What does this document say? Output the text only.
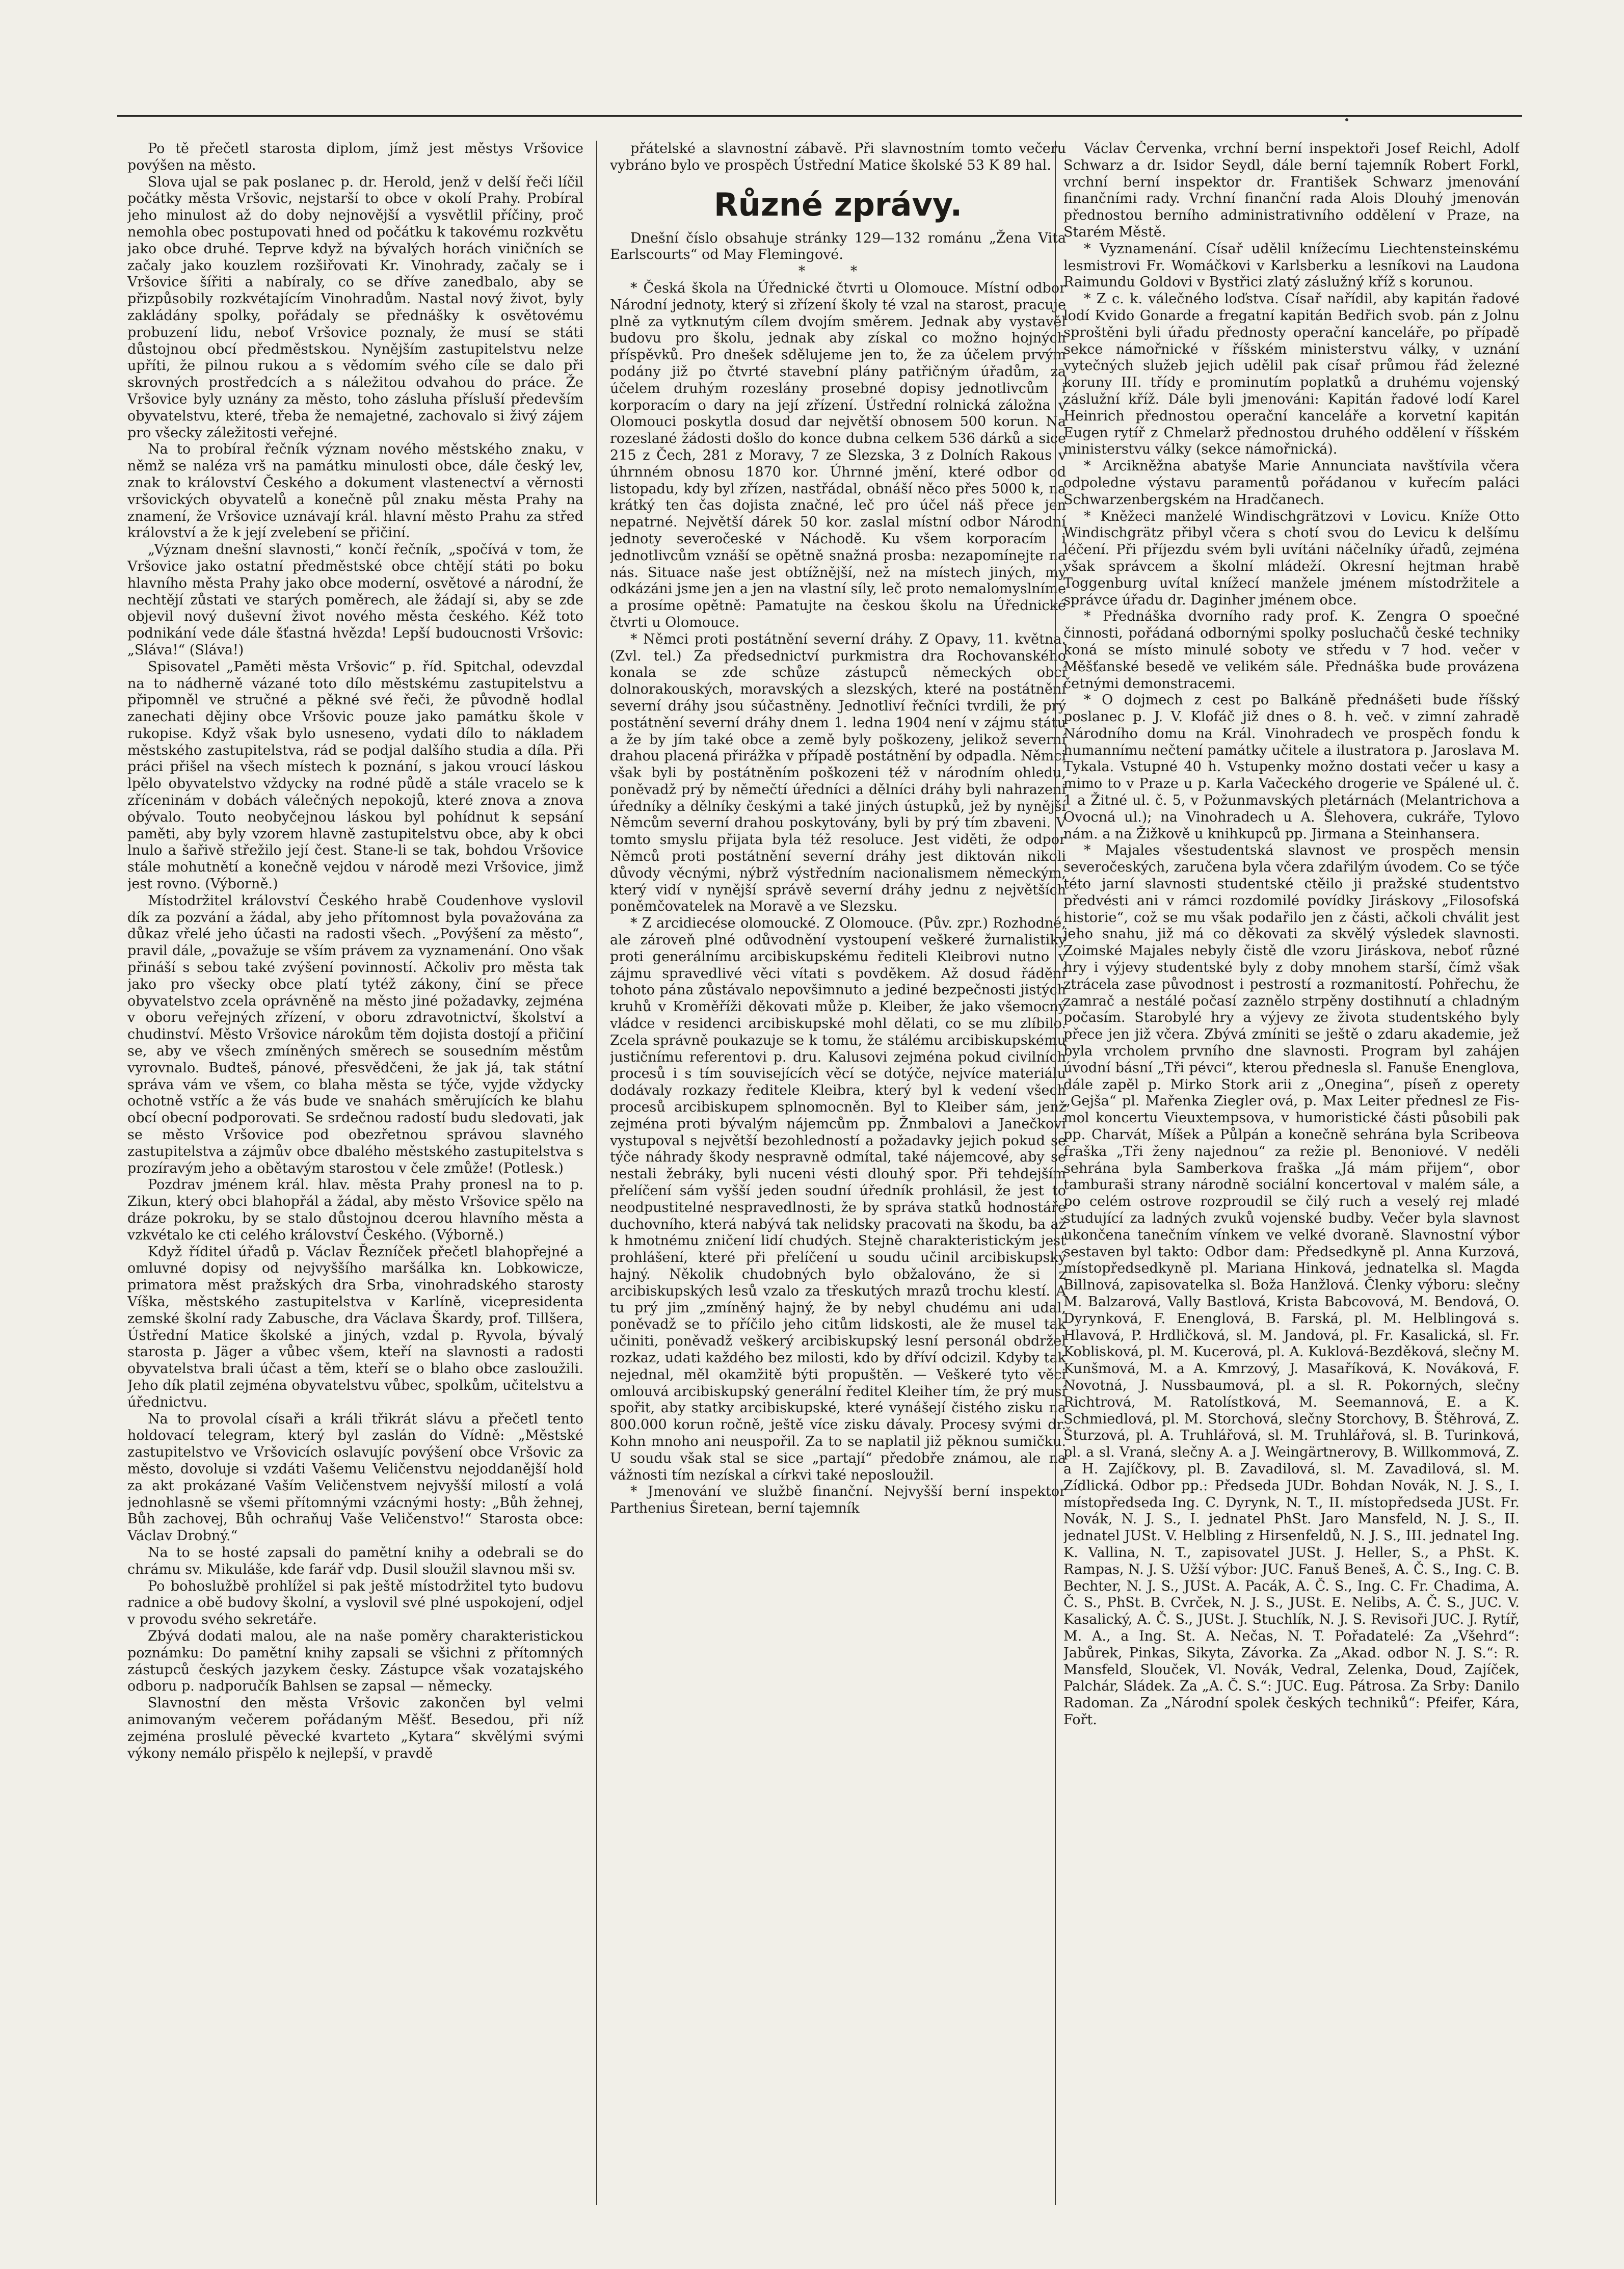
Po tě přečetl starosta diplom, jímž jest městys Vršovice povýšen na město.

Slova ujal se pak poslanec p. dr. Herold, jenž v delší řeči líčil počátky města Vršovic, nejstarší to obce v okolí Prahy. Probíral jeho minulost až do doby nejnovější a vysvětlil příčiny, proč nemohla obec postupovati hned od počátku k takovému rozkvětu jako obce druhé. Teprve když na bývalých horách viničních se začaly jako kouzlem rozšiřovati Kr. Vinohrady, začaly se i Vršovice šířiti a nabíraly, co se dříve zanedbalo, aby se přizpůsobily rozkvétajícím Vinohradům. Nastal nový život, byly zakládány spolky, pořádaly se přednášky k osvětovému probuzení lidu, neboť Vršovice poznaly, že musí se státi důstojnou obcí předměstskou. Nynějším zastupitelstvu nelze upříti, že pilnou rukou a s vědomím svého cíle se dalo při skrovných prostředcích a s náležitou odvahou do práce. Že Vršovice byly uznány za město, toho zásluha přísluší především obyvatelstvu, které, třeba že nemajetné, zachovalo si živý zájem pro všecky záležitosti veřejné.

Na to probíral řečník význam nového městského znaku, v němž se naléza vrš na památku minulosti obce, dále český lev, znak to království Českého a dokument vlastenectví a věrnosti vršovických obyvatelů a konečně půl znaku města Prahy na znamení, že Vršovice uznávají král. hlavní město Prahu za střed království a že k její zvelebení se přičiní.

„Význam dnešní slavnosti,“ končí řečník, „spočívá v tom, že Vršovice jako ostatní předměstské obce chtějí státi po boku hlavního města Prahy jako obce moderní, osvětové a národní, že nechtějí zůstati ve starých poměrech, ale žádají si, aby se zde objevil nový duševní život nového města českého. Kéž toto podnikání vede dále šťastná hvězda! Lepší budoucnosti Vršovic: „Sláva!“ (Sláva!)

Spisovatel „Paměti města Vršovic“ p. říd. Spitchal, odevzdal na to nádherně vázané toto dílo městskému zastupitelstvu a připomněl ve stručné a pěkné své řeči, že původně hodlal zanechati dějiny obce Vršovic pouze jako památku škole v rukopise. Když však bylo usneseno, vydati dílo to nákladem městského zastupitelstva, rád se podjal dalšího studia a díla. Při práci přišel na všech místech k poznání, s jakou vroucí láskou lpělo obyvatelstvo vždycky na rodné půdě a stále vracelo se k zříceninám v dobách válečných nepokojů, které znova a znova obývalo. Touto neobyčejnou láskou byl pohídnut k sepsání paměti, aby byly vzorem hlavně zastupitelstvu obce, aby k obci lnulo a šařivě střežilo její čest. Stane-li se tak, bohdou Vršovice stále mohutnětí a konečně vejdou v národě mezi Vršovice, jimž jest rovno. (Výborně.)

Místodržitel království Českého hrabě Coudenhove vyslovil dík za pozvání a žádal, aby jeho přítomnost byla považována za důkaz vřelé jeho účasti na radosti všech. „Povýšení za město“, pravil dále, „považuje se vším právem za vyznamenání. Ono však přináší s sebou také zvýšení povinností. Ačkoliv pro města tak jako pro všecky obce platí tytéž zákony, činí se přece obyvatelstvo zcela oprávněně na město jiné požadavky, zejména v oboru veřejných zřízení, v oboru zdravotnictví, školství a chudinství. Město Vršovice nárokům těm dojista dostojí a přičiní se, aby ve všech zmíněných směrech se sousedním městům vyrovnalo. Budteš, pánové, přesvědčeni, že jak já, tak státní správa vám ve všem, co blaha města se týče, vyjde vždycky ochotně vstříc a že vás bude ve snahách směrujících ke blahu obcí obecní podporovati. Se srdečnou radostí budu sledovati, jak se město Vršovice pod obezřetnou správou slavného zastupitelstva a zájmův obce dbalého městského zastupitelstva s prozíravým jeho a obětavým starostou v čele zmůže! (Potlesk.)

Pozdrav jménem král. hlav. města Prahy pronesl na to p. Zikun, který obci blahopřál a žádal, aby město Vršovice spělo na dráze pokroku, by se stalo důstojnou dcerou hlavního města a vzkvétalo ke cti celého království Českého. (Výborně.)

Když říditel úřadů p. Václav Řezníček přečetl blahopřejné a omluvné dopisy od nejvyššího maršálka kn. Lobkowicze, primatora měst pražských dra Srba, vinohradského starosty Víška, městského zastupitelstva v Karlíně, vicepresidenta zemské školní rady Zabusche, dra Václava Škardy, prof. Tillšera, Ústřední Matice školské a jiných, vzdal p. Ryvola, bývalý starosta p. Jäger a vůbec všem, kteří na slavnosti a radosti obyvatelstva brali účast a těm, kteří se o blaho obce zasloužili. Jeho dík platil zejména obyvatelstvu vůbec, spolkům, učitelstvu a úřednictvu.

Na to provolal císaři a králi třikrát slávu a přečetl tento holdovací telegram, který byl zaslán do Vídně: „Městské zastupitelstvo ve Vršovicích oslavujíc povýšení obce Vršovic za město, dovoluje si vzdáti Vašemu Veličenstvu nejoddanější hold za akt prokázané Vaším Veličenstvem nejvyšší milostí a volá jednohlasně se všemi přítomnými vzácnými hosty: „Bůh žehnej, Bůh zachovej, Bůh ochraňuj Vaše Veličenstvo!“ Starosta obce: Václav Drobný.“

Na to se hosté zapsali do pamětní knihy a odebrali se do chrámu sv. Mikuláše, kde farář vdp. Dusil sloužil slavnou mši sv.

Po bohoslužbě prohlížel si pak ještě místodržitel tyto budovu radnice a obě budovy školní, a vyslovil své plné uspokojení, odjel v provodu svého sekretáře.

Zbývá dodati malou, ale na naše poměry charakteristickou poznámku: Do pamětní knihy zapsali se všichni z přítomných zástupců českých jazykem česky. Zástupce však vozatajského odboru p. nadporučík Bahlsen se zapsal — německy.

Slavnostní den města Vršovic zakončen byl velmi animovaným večerem pořádaným Měšť. Besedou, při níž zejména proslulé pěvecké kvarteto „Kytara“ skvělými svými výkony nemálo přispělo k nejlepší, v pravdě

přátelské a slavnostní zábavě. Při slavnostním tomto večeru vybráno bylo ve prospěch Ústřední Matice školské 53 K 89 hal.

Různé zprávy.

Dnešní číslo obsahuje stránky 129—132 románu „Žena Vita Earlscourts“ od May Flemingové.

* *

* Česká škola na Úřednické čtvrti u Olomouce. Místní odbor Národní jednoty, který si zřízení školy té vzal na starost, pracuje plně za vytknutým cílem dvojím směrem. Jednak aby vystavěl budovu pro školu, jednak aby získal co možno hojných příspěvků. Pro dnešek sdělujeme jen to, že za účelem prvým podány již po čtvrté stavební plány patřičným úřadům, za účelem druhým rozeslány prosebné dopisy jednotlivcům i korporacím o dary na její zřízení. Ústřední rolnická záložna v Olomouci poskytla dosud dar největší obnosem 500 korun. Na rozeslané žádosti došlo do konce dubna celkem 536 dárků a sice 215 z Čech, 281 z Moravy, 7 ze Slezska, 3 z Dolních Rakous v úhrnném obnosu 1870 kor. Úhrnné jmění, které odbor od listopadu, kdy byl zřízen, nastřádal, obnáší něco přes 5000 k, na krátký ten čas dojista značné, leč pro účel náš přece jen nepatrné. Největší dárek 50 kor. zaslal místní odbor Národní jednoty severočeské v Náchodě. Ku všem korporacím i jednotlivcům vznáší se opětně snažná prosba: nezapomínejte na nás. Situace naše jest obtížnější, než na místech jiných, my odkázáni jsme jen a jen na vlastní síly, leč proto nemalomyslníme a prosíme opětně: Pamatujte na českou školu na Úřednické čtvrti u Olomouce.

* Němci proti postátnění severní dráhy. Z Opavy, 11. května. (Zvl. tel.) Za předsednictví purkmistra dra Rochovanského konala se zde schůze zástupců německých obcí dolnorakouských, moravských a slezských, které na postátnění severní dráhy jsou súčastněny. Jednotliví řečníci tvrdili, že prý postátnění severní dráhy dnem 1. ledna 1904 není v zájmu státu a že by jím také obce a země byly poškozeny, jelikož severní drahou placená přirážka v případě postátnění by odpadla. Němci však byli by postátněním poškozeni též v národním ohledu, poněvadž prý by němečtí úředníci a dělníci dráhy byli nahrazeni úředníky a dělníky českými a také jiných ústupků, jež by nynější Němcům severní drahou poskytovány, byli by prý tím zbaveni. V tomto smyslu přijata byla též resoluce. Jest viděti, že odpor Němců proti postátnění severní dráhy jest diktován nikoli důvody věcnými, nýbrž výstředním nacionalismem německým, který vidí v nynější správě severní dráhy jednu z největších poněmčovatelek na Moravě a ve Slezsku.

* Z arcidiecése olomoucké. Z Olomouce. (Pův. zpr.) Rozhodné, ale zároveň plné odůvodnění vystoupení veškeré žurnalistiky proti generálnímu arcibiskupskému řediteli Kleibrovi nutno v zájmu spravedlivé věci vítati s povděkem. Až dosud řádění tohoto pána zůstávalo nepovšimnuto a jediné bezpečnosti jistých kruhů v Kroměříži děkovati může p. Kleiber, že jako všemocný vládce v residenci arcibiskupské mohl dělati, co se mu zlíbilo. Zcela správně poukazuje se k tomu, že stálému arcibiskupskému justičnímu referentovi p. dru. Kalusovi zejména pokud civilních procesů i s tím souvisejících věcí se dotýče, nejvíce materiálu dodávaly rozkazy ředitele Kleibra, který byl k vedení všech procesů arcibiskupem splnomocněn. Byl to Kleiber sám, jenž zejména proti bývalým nájemcům pp. Žnmbalovi a Janečkovi vystupoval s největší bezohledností a požadavky jejich pokud se týče náhrady škody nespravně odmítal, také nájemcové, aby se nestali žebráky, byli nuceni vésti dlouhý spor. Při tehdejším přelíčení sám vyšší jeden soudní úředník prohlásil, že jest to neodpustitelné nespravedlnosti, že by správa statků hodnostáře duchovního, která nabývá tak nelidsky pracovati na škodu, ba až k hmotnému zničení lidí chudých. Stejně charakteristickým jest prohlášení, které při přelíčení u soudu učinil arcibiskupský hajný. Několik chudobných bylo obžalováno, že si z arcibiskupských lesů vzalo za třeskutých mrazů trochu klestí. A tu prý jim „zmíněný hajný, že by nebyl chudému ani udal, poněvadž se to příčilo jeho citům lidskosti, ale že musel tak učiniti, poněvadž veškerý arcibiskupský lesní personál obdržel rozkaz, udati každého bez milosti, kdo by dříví odcizil. Kdyby tak nejednal, měl okamžitě býti propuštěn. — Veškeré tyto věci omlouvá arcibiskupský generální ředitel Kleiher tím, že prý musí spořit, aby statky arcibiskupské, které vynášejí čistého zisku na 800.000 korun ročně, ještě více zisku dávaly. Procesy svými dr. Kohn mnoho ani neuspořil. Za to se naplatil již pěknou sumičku. U soudu však stal se sice „partají“ předobře známou, ale na vážnosti tím nezískal a církvi také neposloužil.

* Jmenování ve službě finanční. Nejvyšší berní inspektor Parthenius Širetean, berní tajemník

Václav Červenka, vrchní berní inspektoři Josef Reichl, Adolf Schwarz a dr. Isidor Seydl, dále berní tajemník Robert Forkl, vrchní berní inspektor dr. František Schwarz jmenování finančními rady. Vrchní finanční rada Alois Dlouhý jmenován přednostou berního administrativního oddělení v Praze, na Starém Městě.

* Vyznamenání. Císař udělil knížecímu Liechtensteinskému lesmistrovi Fr. Womáčkovi v Karlsberku a lesníkovi na Laudona Raimundu Goldovi v Bystřici zlatý záslužný kříž s korunou.

* Z c. k. válečného loďstva. Císař nařídil, aby kapitán řadové lodí Kvido Gonarde a fregatní kapitán Bedřich svob. pán z Jolnu sproštěni byli úřadu přednosty operační kanceláře, po případě sekce námořnické v říšském ministerstvu války, v uznání vytečných služeb jejich udělil pak císař průmou řád železné koruny III. třídy e prominutím poplatků a druhému vojenský záslužní kříž. Dále byli jmenováni: Kapitán řadové lodí Karel Heinrich přednostou operační kanceláře a korvetní kapitán Eugen rytíř z Chmelarž přednostou druhého oddělení v říšském ministerstvu války (sekce námořnická).

* Arcikněžna abatyše Marie Annunciata navštívila včera odpoledne výstavu paramentů pořádanou v kuřecím paláci Schwarzenbergském na Hradčanech.

* Kněžeci manželé Windischgrätzovi v Lovicu. Kníže Otto Windischgrätz přibyl včera s chotí svou do Levicu k delšímu léčení. Při příjezdu svém byli uvítáni náčelníky úřadů, zejména však správcem a školní mládeží. Okresní hejtman hrabě Toggenburg uvítal knížecí manžele jménem místodržitele a správce úřadu dr. Daginher jménem obce.

* Přednáška dvorního rady prof. K. Zengra O spoečné činnosti, pořádaná odbornými spolky posluchačů české techniky koná se místo minulé soboty ve středu v 7 hod. večer v Měšťanské besedě ve velikém sále. Přednáška bude provázena četnými demonstracemi.

* O dojmech z cest po Balkáně přednášeti bude říšský poslanec p. J. V. Klofáč již dnes o 8. h. več. v zimní zahradě Národního domu na Král. Vinohradech ve prospěch fondu k humannímu nečtení památky učitele a ilustratora p. Jaroslava M. Tykala. Vstupné 40 h. Vstupenky možno dostati večer u kasy a mimo to v Praze u p. Karla Vačeckého drogerie ve Spálené ul. č. 1 a Žitné ul. č. 5, v Požunmavských pletárnách (Melantrichova a Ovocná ul.); na Vinohradech u A. Šlehovera, cukráře, Tylovo nám. a na Žižkově u knihkupců pp. Jirmana a Steinhansera.

* Majales všestudentská slavnost ve prospěch mensin severočeských, zaručena byla včera zdařilým úvodem. Co se týče této jarní slavnosti studentské ctěilo ji pražské studentstvo předvésti ani v rámci rozdomilé povídky Jiráskovy „Filosofská historie“, což se mu však podařilo jen z části, ačkoli chválit jest jeho snahu, již má co děkovati za skvělý výsledek slavnosti. Zoimské Majales nebyly čistě dle vzoru Jiráskova, neboť různé hry i výjevy studentské byly z doby mnohem starší, čímž však ztrácela zase původnost i pestrostí a rozmanitostí. Pohřechu, že zamrač a nestálé počasí zaznělo strpěny dostihnutí a chladným počasím. Starobylé hry a výjevy ze života studentského byly přece jen již včera. Zbývá zmíniti se ještě o zdaru akademie, jež byla vrcholem prvního dne slavnosti. Program byl zahájen úvodní básní „Tři pévci“, kterou přednesla sl. Fanuše Enenglova, dále zapěl p. Mirko Stork arii z „Onegina“, píseň z operety „Gejša“ pl. Mařenka Ziegler ová, p. Max Leiter přednesl ze Fis-mol koncertu Vieuxtempsova, v humoristické části působili pak pp. Charvát, Míšek a Půlpán a konečně sehrána byla Scribeova fraška „Tři ženy najednou“ za režie pl. Benoniové. V neděli sehrána byla Samberkova fraška „Já mám přijem“, obor tamburaši strany národně sociální koncertoval v malém sále, a po celém ostrove rozproudil se čilý ruch a veselý rej mladé studující za ladných zvuků vojenské budby. Večer byla slavnost ukončena tanečním vínkem ve velké dvoraně. Slavnostní výbor sestaven byl takto: Odbor dam: Předsedkyně pl. Anna Kurzová, místopředsedkyně pl. Mariana Hinková, jednatelka sl. Magda Billnová, zapisovatelka sl. Boža Hanžlová. Členky výboru: slečny M. Balzarová, Vally Bastlová, Krista Babcovová, M. Bendová, O. Dyrynková, F. Enenglová, B. Farská, pl. M. Helblingová s. Hlavová, P. Hrdličková, sl. M. Jandová, pl. Fr. Kasalická, sl. Fr. Koblisková, pl. M. Kucerová, pl. A. Kuklová-Bezděková, slečny M. Kunšmová, M. a A. Kmrzový, J. Masaříková, K. Nováková, F. Novotná, J. Nussbaumová, pl. a sl. R. Pokorných, slečny Richtrová, M. Ratolístková, M. Seemannová, E. a K. Schmiedlová, pl. M. Storchová, slečny Storchovy, B. Štěhrová, Z. Šturzová, pl. A. Truhlářová, sl. M. Truhlářová, sl. B. Turinková, pl. a sl. Vraná, slečny A. a J. Weingärtnerovy, B. Willkommová, Z. a H. Zajíčkovy, pl. B. Zavadilová, sl. M. Zavadilová, sl. M. Zídlická. Odbor pp.: Předseda JUDr. Bohdan Novák, N. J. S., I. místopředseda Ing. C. Dyrynk, N. T., II. místopředseda JUSt. Fr. Novák, N. J. S., I. jednatel PhSt. Jaro Mansfeld, N. J. S., II. jednatel JUSt. V. Helbling z Hirsenfeldů, N. J. S., III. jednatel Ing. K. Vallina, N. T., zapisovatel JUSt. J. Heller, S., a PhSt. K. Rampas, N. J. S. Užší výbor: JUC. Fanuš Beneš, A. Č. S., Ing. C. B. Bechter, N. J. S., JUSt. A. Pacák, A. Č. S., Ing. C. Fr. Chadima, A. Č. S., PhSt. B. Cvrček, N. J. S., JUSt. E. Nelibs, A. Č. S., JUC. V. Kasalický, A. Č. S., JUSt. J. Stuchlík, N. J. S. Revisoři JUC. J. Rytíř, M. A., a Ing. St. A. Nečas, N. T. Pořadatelé: Za „Všehrd“: Jabůrek, Pinkas, Sikyta, Závorka. Za „Akad. odbor N. J. S.“: R. Mansfeld, Slouček, Vl. Novák, Vedral, Zelenka, Doud, Zajíček, Palchár, Sládek. Za „A. Č. S.“: JUC. Eug. Pátrosa. Za Srby: Danilo Radoman. Za „Národní spolek českých techniků“: Pfeifer, Kára, Fořt.
